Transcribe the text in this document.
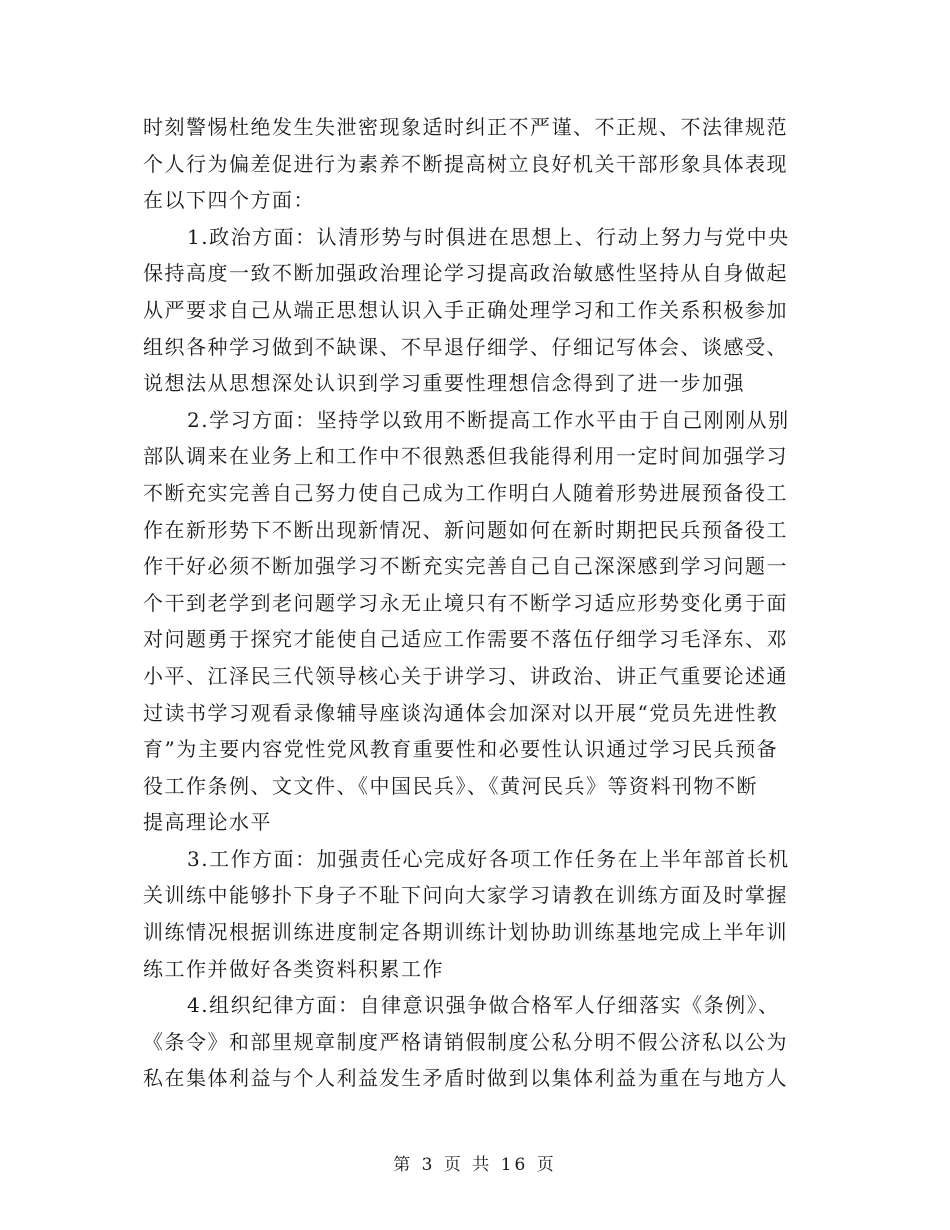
时刻警惕杜绝发生失泄密现象适时纠正不严谨、不正规、不法律规范
个人行为偏差促进行为素养不断提高树立良好机关干部形象具体表现
在以下四个方面：
1.政治方面：认清形势与时俱进在思想上、行动上努力与党中央
保持高度一致不断加强政治理论学习提高政治敏感性坚持从自身做起
从严要求自己从端正思想认识入手正确处理学习和工作关系积极参加
组织各种学习做到不缺课、不早退仔细学、仔细记写体会、谈感受、
说想法从思想深处认识到学习重要性理想信念得到了进一步加强
2.学习方面：坚持学以致用不断提高工作水平由于自己刚刚从别
部队调来在业务上和工作中不很熟悉但我能得利用一定时间加强学习
不断充实完善自己努力使自己成为工作明白人随着形势进展预备役工
作在新形势下不断出现新情况、新问题如何在新时期把民兵预备役工
作干好必须不断加强学习不断充实完善自己自己深深感到学习问题一
个干到老学到老问题学习永无止境只有不断学习适应形势变化勇于面
对问题勇于探究才能使自己适应工作需要不落伍仔细学习毛泽东、邓
小平、江泽民三代领导核心关于讲学习、讲政治、讲正气重要论述通
过读书学习观看录像辅导座谈沟通体会加深对以开展“党员先进性教
育”为主要内容党性党风教育重要性和必要性认识通过学习民兵预备
役工作条例、文文件、《中国民兵》、《黄河民兵》等资料刊物不断
提高理论水平
3.工作方面：加强责任心完成好各项工作任务在上半年部首长机
关训练中能够扑下身子不耻下问向大家学习请教在训练方面及时掌握
训练情况根据训练进度制定各期训练计划协助训练基地完成上半年训
练工作并做好各类资料积累工作
4.组织纪律方面：自律意识强争做合格军人仔细落实《条例》、
《条令》和部里规章制度严格请销假制度公私分明不假公济私以公为
私在集体利益与个人利益发生矛盾时做到以集体利益为重在与地方人
第 3 页 共 16 页
